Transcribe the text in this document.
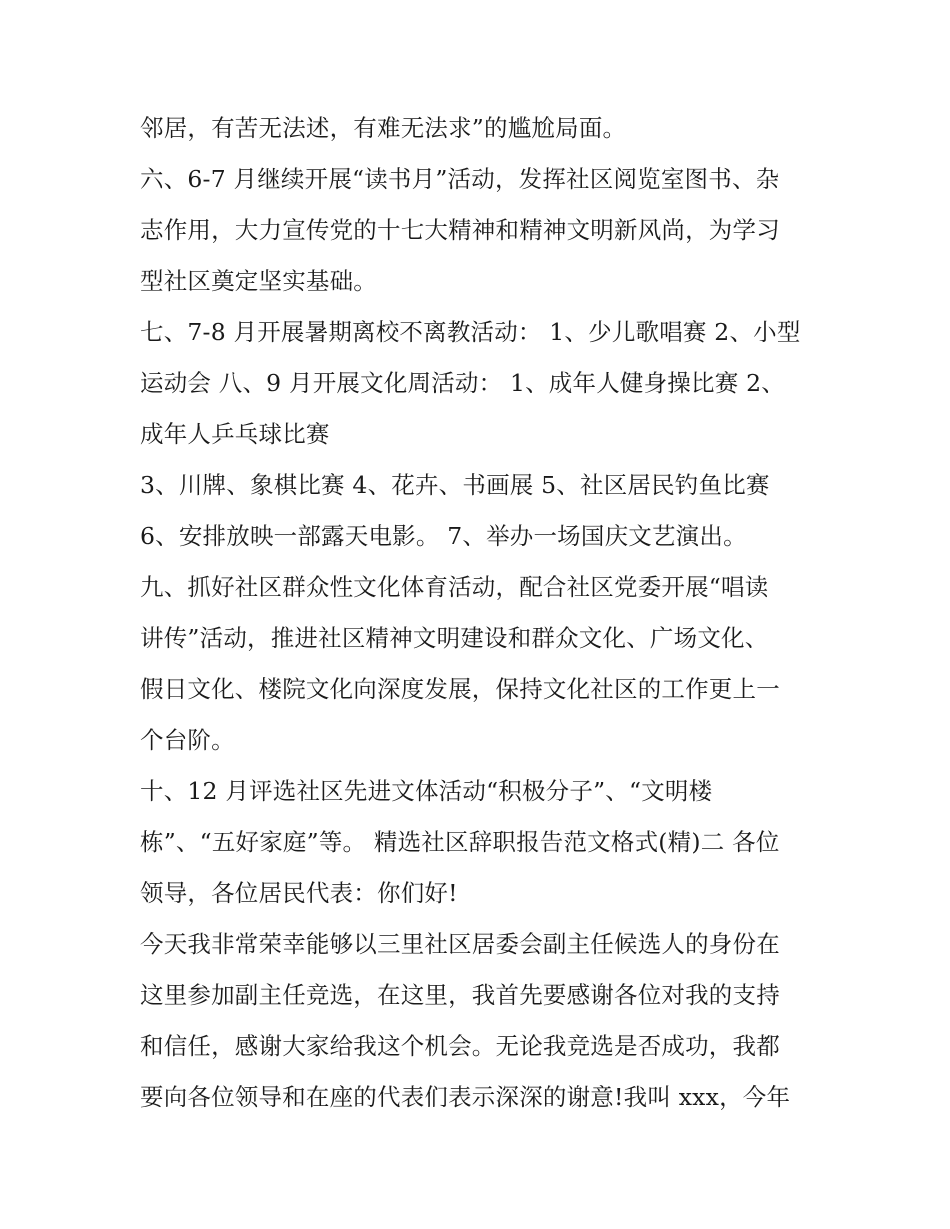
邻居，有苦无法述，有难无法求”的尴尬局面。
六、6-7 月继续开展“读书月”活动，发挥社区阅览室图书、杂
志作用，大力宣传党的十七大精神和精神文明新风尚，为学习
型社区奠定坚实基础。
七、7-8 月开展暑期离校不离教活动： 1、少儿歌唱赛 2、小型
运动会 八、9 月开展文化周活动： 1、成年人健身操比赛 2、
成年人乒乓球比赛
3、川牌、象棋比赛 4、花卉、书画展 5、社区居民钓鱼比赛
6、安排放映一部露天电影。 7、举办一场国庆文艺演出。
九、抓好社区群众性文化体育活动，配合社区党委开展“唱读
讲传”活动，推进社区精神文明建设和群众文化、广场文化、
假日文化、楼院文化向深度发展，保持文化社区的工作更上一
个台阶。
十、12 月评选社区先进文体活动“积极分子”、“文明楼
栋”、“五好家庭”等。 精选社区辞职报告范文格式(精)二 各位
领导，各位居民代表：你们好!
今天我非常荣幸能够以三里社区居委会副主任候选人的身份在
这里参加副主任竞选，在这里，我首先要感谢各位对我的支持
和信任，感谢大家给我这个机会。无论我竞选是否成功，我都
要向各位领导和在座的代表们表示深深的谢意!我叫 xxx，今年
